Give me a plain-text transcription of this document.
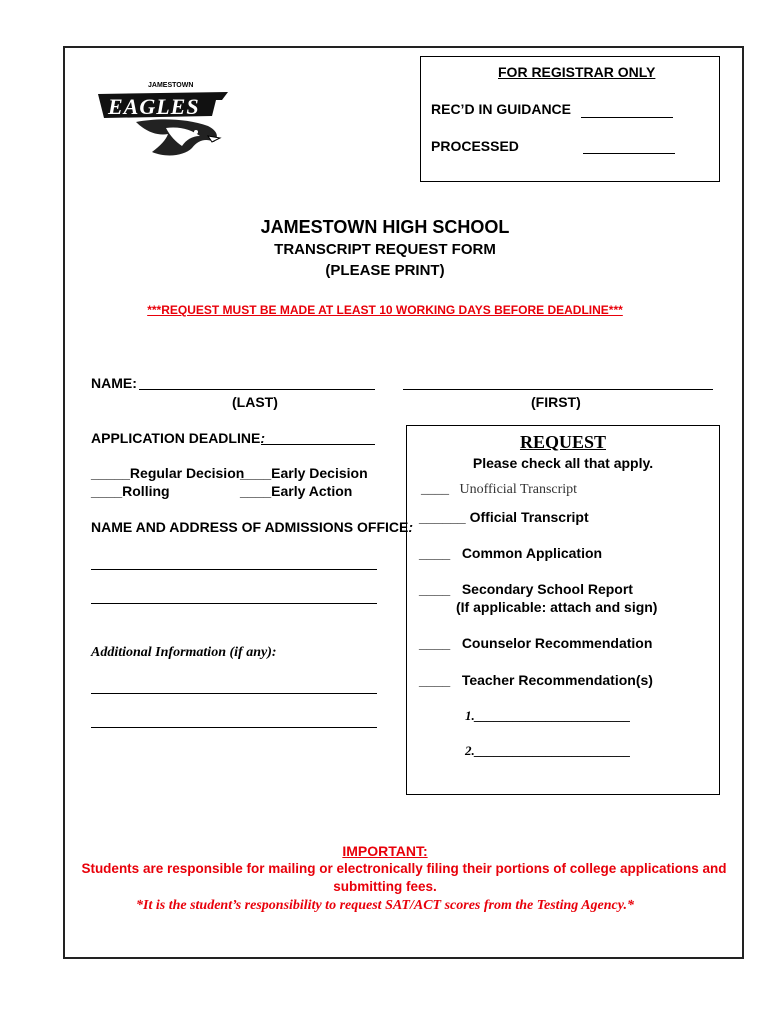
JAMESTOWN
EAGLES
FOR REGISTRAR ONLY
REC’D IN GUIDANCE
PROCESSED
JAMESTOWN HIGH SCHOOL
TRANSCRIPT REQUEST FORM
(PLEASE PRINT)
***REQUEST MUST BE MADE AT LEAST 10 WORKING DAYS BEFORE DEADLINE***
NAME:
(LAST)	(FIRST)
APPLICATION DEADLINE:
_____Regular Decision
____Early Decision
____Rolling	____Early Action
NAME AND ADDRESS OF ADMISSIONS OFFICE:
Additional Information (if any):
REQUEST
Please check all that apply.
____   Unofficial Transcript
______ Official Transcript
____   Common Application
____   Secondary School Report
(If applicable: attach and sign)
____   Counselor Recommendation
____   Teacher Recommendation(s)
1.________________________
2.________________________
IMPORTANT:
Students are responsible for mailing or electronically filing their portions of college applications and
submitting fees.
*It is the student’s responsibility to request SAT/ACT scores from the Testing Agency.*
